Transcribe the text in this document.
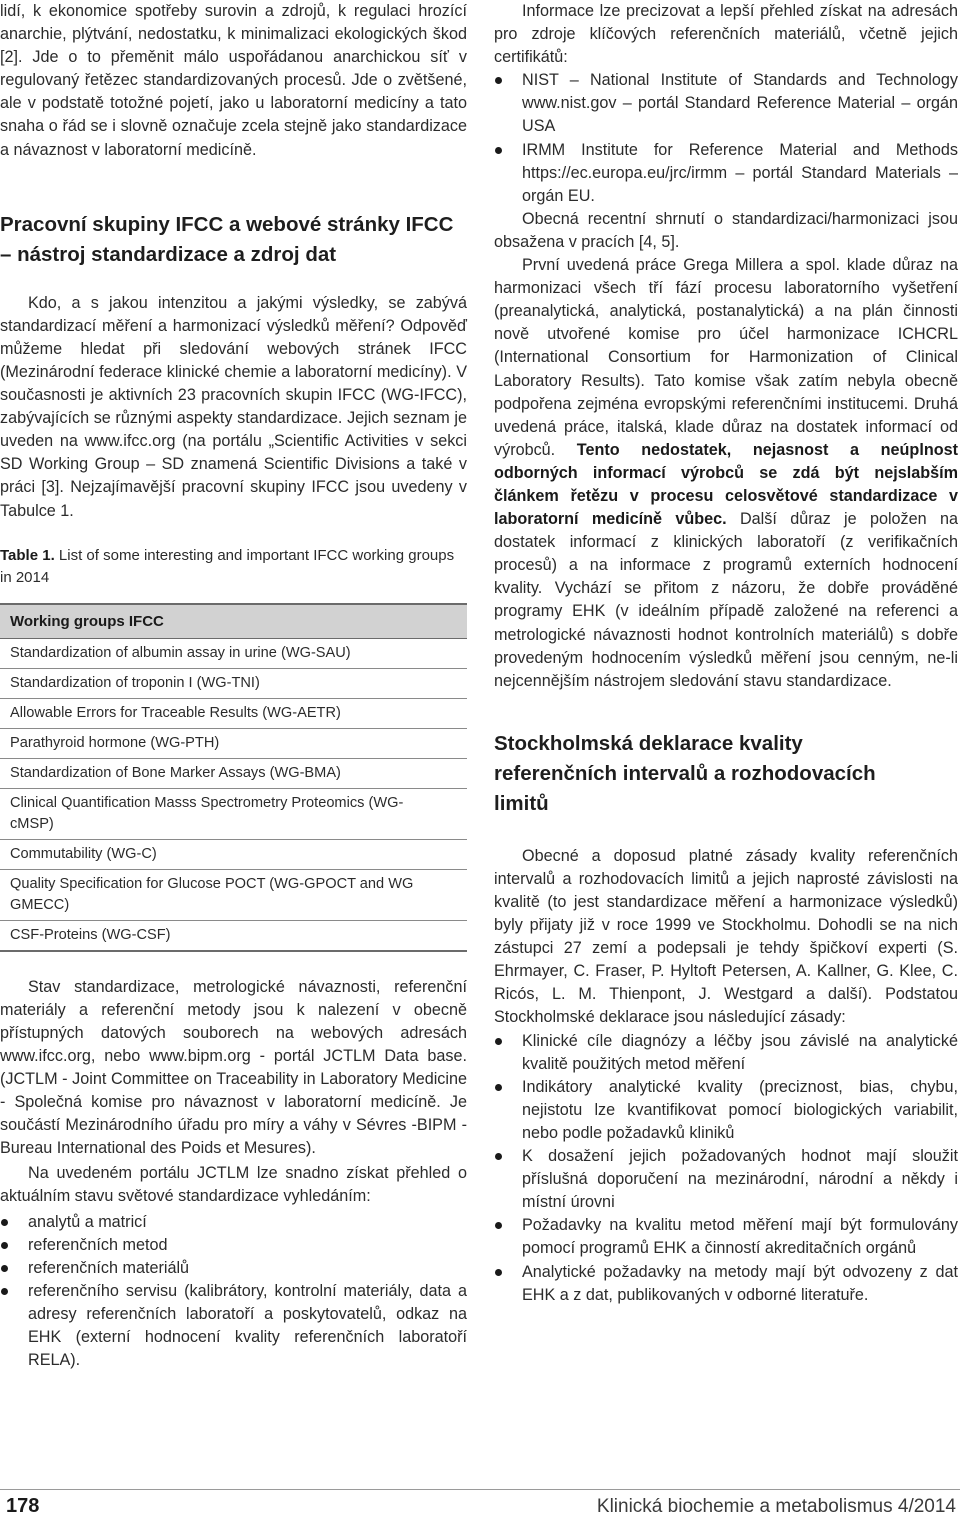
lidí, k ekonomice spotřeby surovin a zdrojů, k regulaci hrozící anarchie, plýtvání, nedostatku, k minimalizaci ekologických škod [2]. Jde o to přeměnit málo uspořádanou anarchickou síť v regulovaný řetězec standardizovaných procesů. Jde o zvětšené, ale v podstatě totožné pojetí, jako u laboratorní medicíny a tato snaha o řád se i slovně označuje zcela stejně jako standardizace a návaznost v laboratorní medicíně.

Pracovní skupiny IFCC a webové stránky IFCC – nástroj standardizace a zdroj dat

Kdo, a s jakou intenzitou a jakými výsledky, se zabývá standardizací měření a harmonizací výsledků měření? Odpověď můžeme hledat při sledování webových stránek IFCC (Mezinárodní federace klinické chemie a laboratorní medicíny). V současnosti je aktivních 23 pracovních skupin IFCC (WG-IFCC), zabývajících se různými aspekty standardizace. Jejich seznam je uveden na www.ifcc.org (na portálu „Scientific Activities v sekci SD Working Group – SD znamená Scientific Divisions a také v práci [3]. Nejzajímavější pracovní skupiny IFCC jsou uvedeny v Tabulce 1.

Table 1. List of some interesting and important IFCC working groups in 2014
Working groups IFCC
Standardization of albumin assay in urine (WG-SAU)
Standardization of troponin I (WG-TNI)
Allowable Errors for Traceable Results (WG-AETR)
Parathyroid hormone (WG-PTH)
Standardization of Bone Marker Assays (WG-BMA)
Clinical Quantification Masss Spectrometry Proteomics (WG-cMSP)
Commutability (WG-C)
Quality Specification for Glucose POCT (WG-GPOCT and WG GMECC)
CSF-Proteins (WG-CSF)

Stav standardizace, metrologické návaznosti, referenční materiály a referenční metody jsou k nalezení v obecně přístupných datových souborech na webových adresách www.ifcc.org, nebo www.bipm.org - portál JCTLM Data base. (JCTLM - Joint Committee on Traceability in Laboratory Medicine - Společná komise pro návaznost v laboratorní medicíně. Je součástí Mezinárodního úřadu pro míry a váhy v Sévres -BIPM -Bureau International des Poids et Mesures).

Na uvedeném portálu JCTLM lze snadno získat přehled o aktuálním stavu světové standardizace vyhledáním:

analytů a matricí
referenčních metod
referenčních materiálů
referenčního servisu (kalibrátory, kontrolní materiály, data a adresy referenčních laboratoří a poskytovatelů, odkaz na EHK (externí hodnocení kvality referenčních laboratoří RELA).

Informace lze precizovat a lepší přehled získat na adresách pro zdroje klíčových referenčních materiálů, včetně jejich certifikátů:

NIST – National Institute of Standards and Technology www.nist.gov – portál Standard Reference Material – orgán USA
IRMM Institute for Reference Material and Methods https://ec.europa.eu/jrc/irmm – portál Standard Materials – orgán EU.

Obecná recentní shrnutí o standardizaci/harmonizaci jsou obsažena v pracích [4, 5].

První uvedená práce Grega Millera a spol. klade důraz na harmonizaci všech tří fází procesu laboratorního vyšetření (preanalytická, analytická, postanalytická) a na plán činnosti nově utvořené komise pro účel harmonizace ICHCRL (International Consortium for Harmonization of Clinical Laboratory Results). Tato komise však zatím nebyla obecně podpořena zejména evropskými referenčními institucemi. Druhá uvedená práce, italská, klade důraz na dostatek informací od výrobců. Tento nedostatek, nejasnost a neúplnost odborných informací výrobců se zdá být nejslabším článkem řetězu v procesu celosvětové standardizace v laboratorní medicíně vůbec. Další důraz je položen na dostatek informací z klinických laboratoří (z verifikačních procesů) a na informace z programů externích hodnocení kvality. Vychází se přitom z názoru, že dobře prováděné programy EHK (v ideálním případě založené na referenci a metrologické návaznosti hodnot kontrolních materiálů) s dobře provedeným hodnocením výsledků měření jsou cenným, ne-li nejcennějším nástrojem sledování stavu standardizace.

Stockholmská deklarace kvality referenčních intervalů a rozhodovacích limitů

Obecné a doposud platné zásady kvality referenčních intervalů a rozhodovacích limitů a jejich naprosté závislosti na kvalitě (to jest standardizace měření a harmonizace výsledků) byly přijaty již v roce 1999 ve Stockholmu. Dohodli se na nich zástupci 27 zemí a podepsali je tehdy špičkoví experti (S. Ehrmayer, C. Fraser, P. Hyltoft Petersen, A. Kallner, G. Klee, C. Ricós, L. M. Thienpont, J. Westgard a další). Podstatou Stockholmské deklarace jsou následující zásady:

Klinické cíle diagnózy a léčby jsou závislé na analytické kvalitě použitých metod měření
Indikátory analytické kvality (preciznost, bias, chybu, nejistotu lze kvantifikovat pomocí biologických variabilit, nebo podle požadavků kliniků
K dosažení jejich požadovaných hodnot mají sloužit příslušná doporučení na mezinárodní, národní a někdy i místní úrovni
Požadavky na kvalitu metod měření mají být formulovány pomocí programů EHK a činností akreditačních orgánů
Analytické požadavky na metody mají být odvozeny z dat EHK a z dat, publikovaných v odborné literatuře.
178	Klinická biochemie a metabolismus 4/2014
